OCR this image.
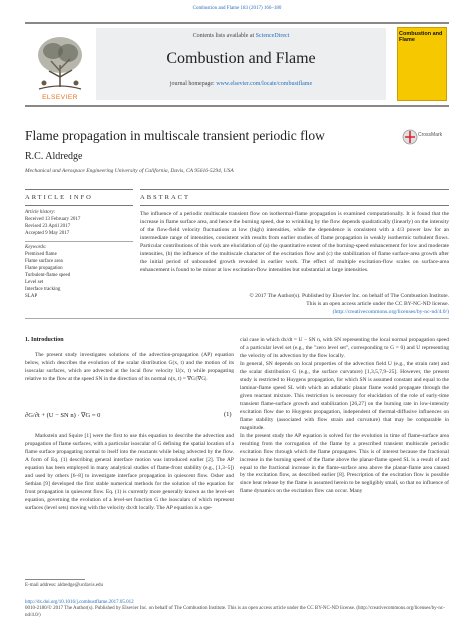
Combustion and Flame 183 (2017) 166–180
ELSEVIER
Contents lists available at ScienceDirect
Combustion and Flame
journal homepage: www.elsevier.com/locate/combustflame
Combustion and Flame
Flame propagation in multiscale transient periodic flow	CrossMark
R.C. Aldredge
Mechanical and Aerospace Engineering University of California, Davis, CA 95616-5294, USA
ARTICLE INFO	ABSTRACT
Article history:
Received 13 February 2017
Revised 23 April 2017
Accepted 9 May 2017
Keywords:
Premixed flame
Flame surface area
Flame propagation
Turbulent-flame speed
Level set
Interface tracking
SLAP
The influence of a periodic multiscale transient flow on isothermal-flame propagation is examined computationally. It is found that the increase in flame surface area, and hence the burning speed, due to wrinkling by the flow depends quadratically (linearly) on the intensity of the flow-field velocity fluctuations at low (high) intensities, while the dependence is consistent with a 4/3 power law for an intermediate range of intensities, consistent with results from earlier studies of flame propagation in weakly isothermic turbulent flows. Particular contributions of this work are elucidation of (a) the quantitative extent of the burning-speed enhancement for low and moderate intensities, (b) the influence of the multiscale character of the excitation flow and (c) the stabilization of flame surface-area growth after the initial period of unbounded growth revealed in earlier work. The effect of multiple excitation-flow scales on surface-area enhancement is found to be minor at low excitation-flow intensities but substantial at large intensities.
© 2017 The Author(s). Published by Elsevier Inc. on behalf of The Combustion Institute.
This is an open access article under the CC BY-NC-ND license.
(http://creativecommons.org/licenses/by-nc-nd/4.0/)
1. Introduction
The present study investigates solutions of the advection-propagation (AP) equation below, which describes the evolution of the scalar distribution G(x, t) and the motion of its isoscalar surfaces, which are advected at the local flow velocity U(x, t) while propagating relative to the flow at the speed SN in the direction of its normal n(x, t) = ∇G/|∇G|.
∂G/∂t + (U − SN n) · ∇G = 0	(1)
Markstein and Squire [1] were the first to use this equation to describe the advection and propagation of flame surfaces, with a particular isoscalar of G defining the spatial location of a flame surface propagating normal to itself into the reactants while being advected by the flow. A form of Eq. (1) describing general interface motion was introduced earlier [2]. The AP equation has been employed in many analytical studies of flame-front stability (e.g., [1,3–5]) and used by others [6–8] to investigate interface propagation in quiescent flow. Osher and Sethian [9] developed the first stable numerical methods for the solution of the equation for front propagation in quiescent flow. Eq. (1) is currently more generally known as the level-set equation, governing the evolution of a level-set function G the isoscalars of which represent surfaces (level sets) moving with the velocity dx/dt locally. The AP equation is a spe-
cial case in which dx/dt = U − SN n, with SN representing the local normal propagation speed of a particular level set (e.g., the "zero level set", corresponding to G = 0) and U representing the velocity of its advection by the flow locally.
In general, SN depends on local properties of the advection field U (e.g., the strain rate) and the scalar distribution G (e.g., the surface curvature) [1,3,5,7,9–25]. However, the present study is restricted to Huygens propagation, for which SN is assumed constant and equal to the laminar-flame speed SL with which an adiabatic planar flame would propagate through the given reactant mixture. This restriction is necessary for elucidation of the role of early-time transient flame-surface growth and stabilization [26,27] on the burning rate in low-intensity excitation flow due to Huygens propagation, independent of thermal-diffusive influences on flame stability (associated with flow strain and curvature) that may be comparable in magnitude.
In the present study the AP equation is solved for the evolution in time of flame-surface area resulting from the corrugation of the flame by a prescribed transient multiscale periodic excitation flow through which the flame propagates. This is of interest because the fractional increase in the burning speed of the flame above the planar-flame speed SL is a result of and equal to the fractional increase in the flame-surface area above the planar-flame area caused by the excitation flow, as described earlier [8]. Prescription of the excitation flow is possible since heat release by the flame is assumed herein to be negligibly small, so that no influence of flame dynamics on the excitation flow can occur. Many
E-mail address: aldredge@ucdavis.edu
http://dx.doi.org/10.1016/j.combustflame.2017.05.012
0010-2180/© 2017 The Author(s). Published by Elsevier Inc. on behalf of The Combustion Institute. This is an open access article under the CC BY-NC-ND license. (http://creativecommons.org/licenses/by-nc-nd/4.0/)
